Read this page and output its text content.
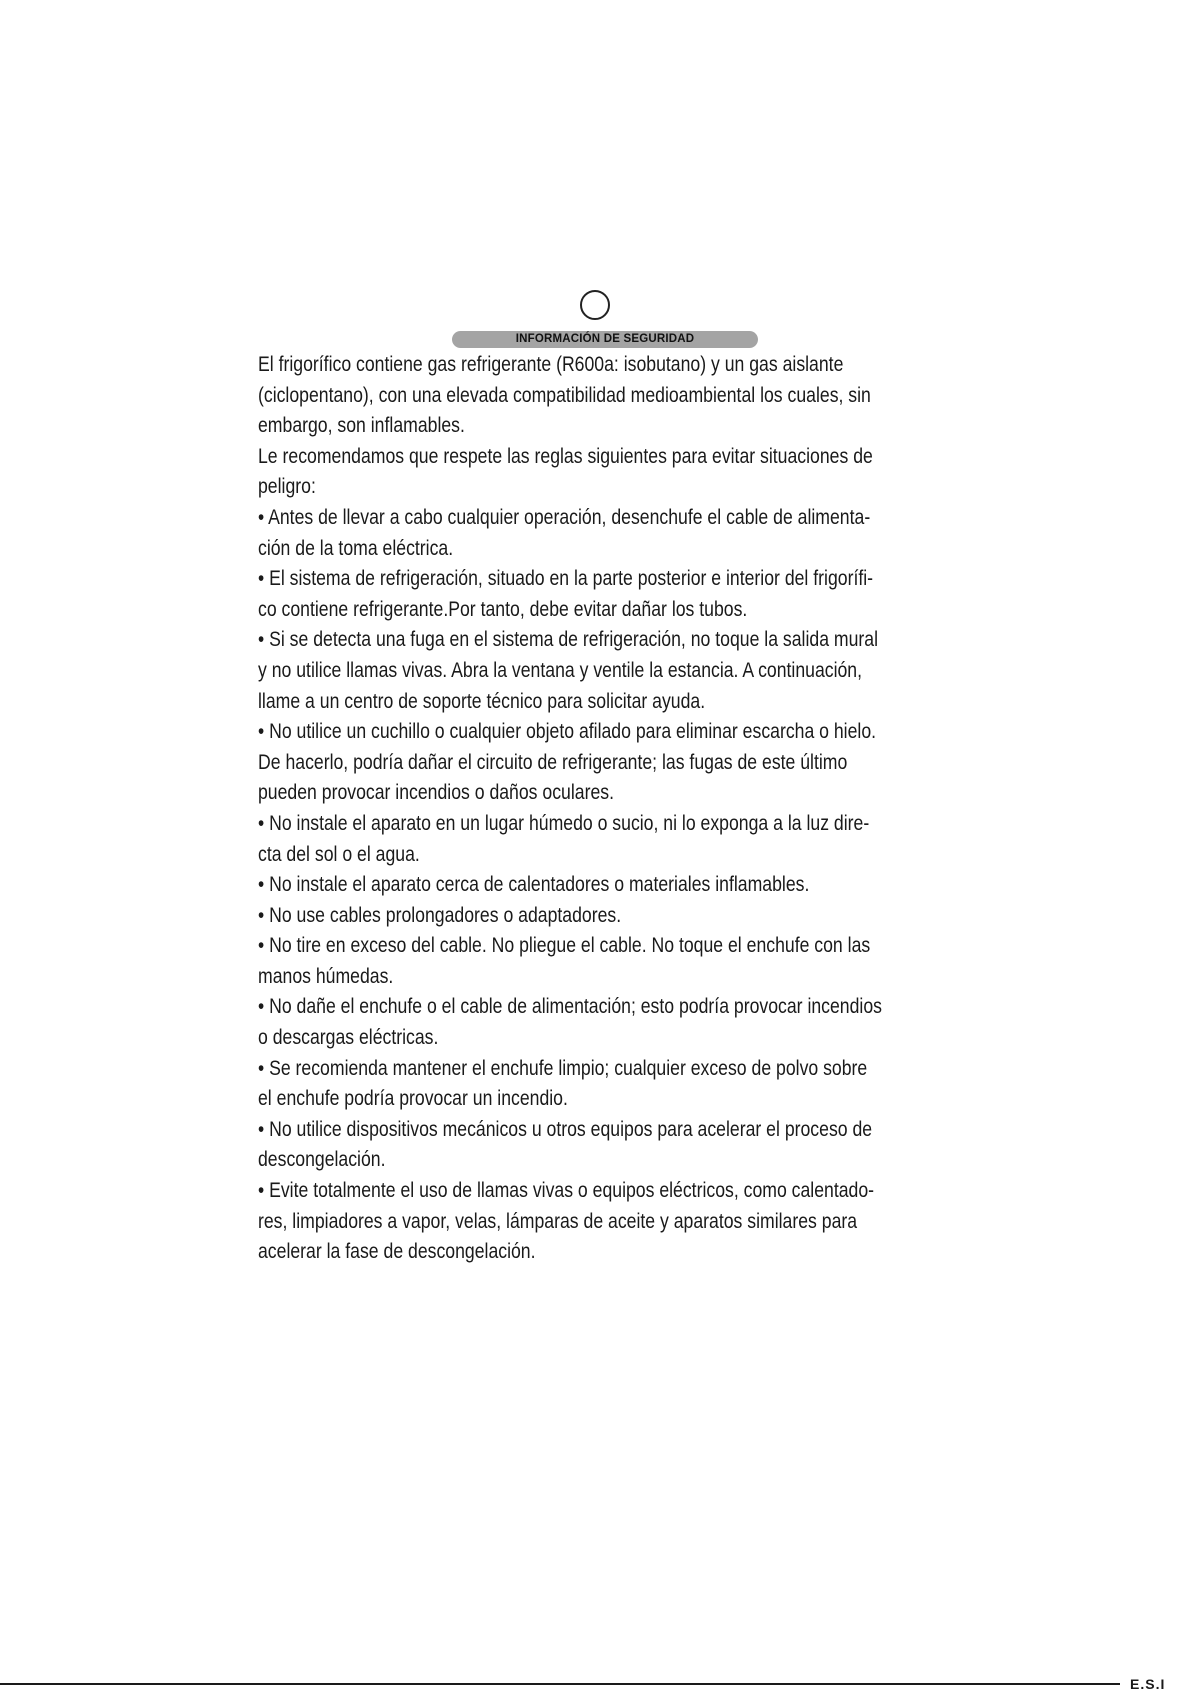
INFORMACIÓN DE SEGURIDAD
El frigorífico contiene gas refrigerante (R600a: isobutano) y un gas aislante
(ciclopentano), con una elevada compatibilidad medioambiental los cuales, sin
embargo, son inflamables.
Le recomendamos que respete las reglas siguientes para evitar situaciones de
peligro:
• Antes de llevar a cabo cualquier operación, desenchufe el cable de alimenta-
ción de la toma eléctrica.
• El sistema de refrigeración, situado en la parte posterior e interior del frigorífi-
co contiene refrigerante.Por tanto, debe evitar dañar los tubos.
• Si se detecta una fuga en el sistema de refrigeración, no toque la salida mural
y no utilice llamas vivas. Abra la ventana y ventile la estancia. A continuación,
llame a un centro de soporte técnico para solicitar ayuda.
• No utilice un cuchillo o cualquier objeto afilado para eliminar escarcha o hielo.
De hacerlo, podría dañar el circuito de refrigerante; las fugas de este último
pueden provocar incendios o daños oculares.
• No instale el aparato en un lugar húmedo o sucio, ni lo exponga a la luz dire-
cta del sol o el agua.
• No instale el aparato cerca de calentadores o materiales inflamables.
• No use cables prolongadores o adaptadores.
• No tire en exceso del cable. No pliegue el cable. No toque el enchufe con las
manos húmedas.
• No dañe el enchufe o el cable de alimentación; esto podría provocar incendios
o descargas eléctricas.
• Se recomienda mantener el enchufe limpio; cualquier exceso de polvo sobre
el enchufe podría provocar un incendio.
• No utilice dispositivos mecánicos u otros equipos para acelerar el proceso de
descongelación.
• Evite totalmente el uso de llamas vivas o equipos eléctricos, como calentado-
res, limpiadores a vapor, velas, lámparas de aceite y aparatos similares para
acelerar la fase de descongelación.
E.S.I
